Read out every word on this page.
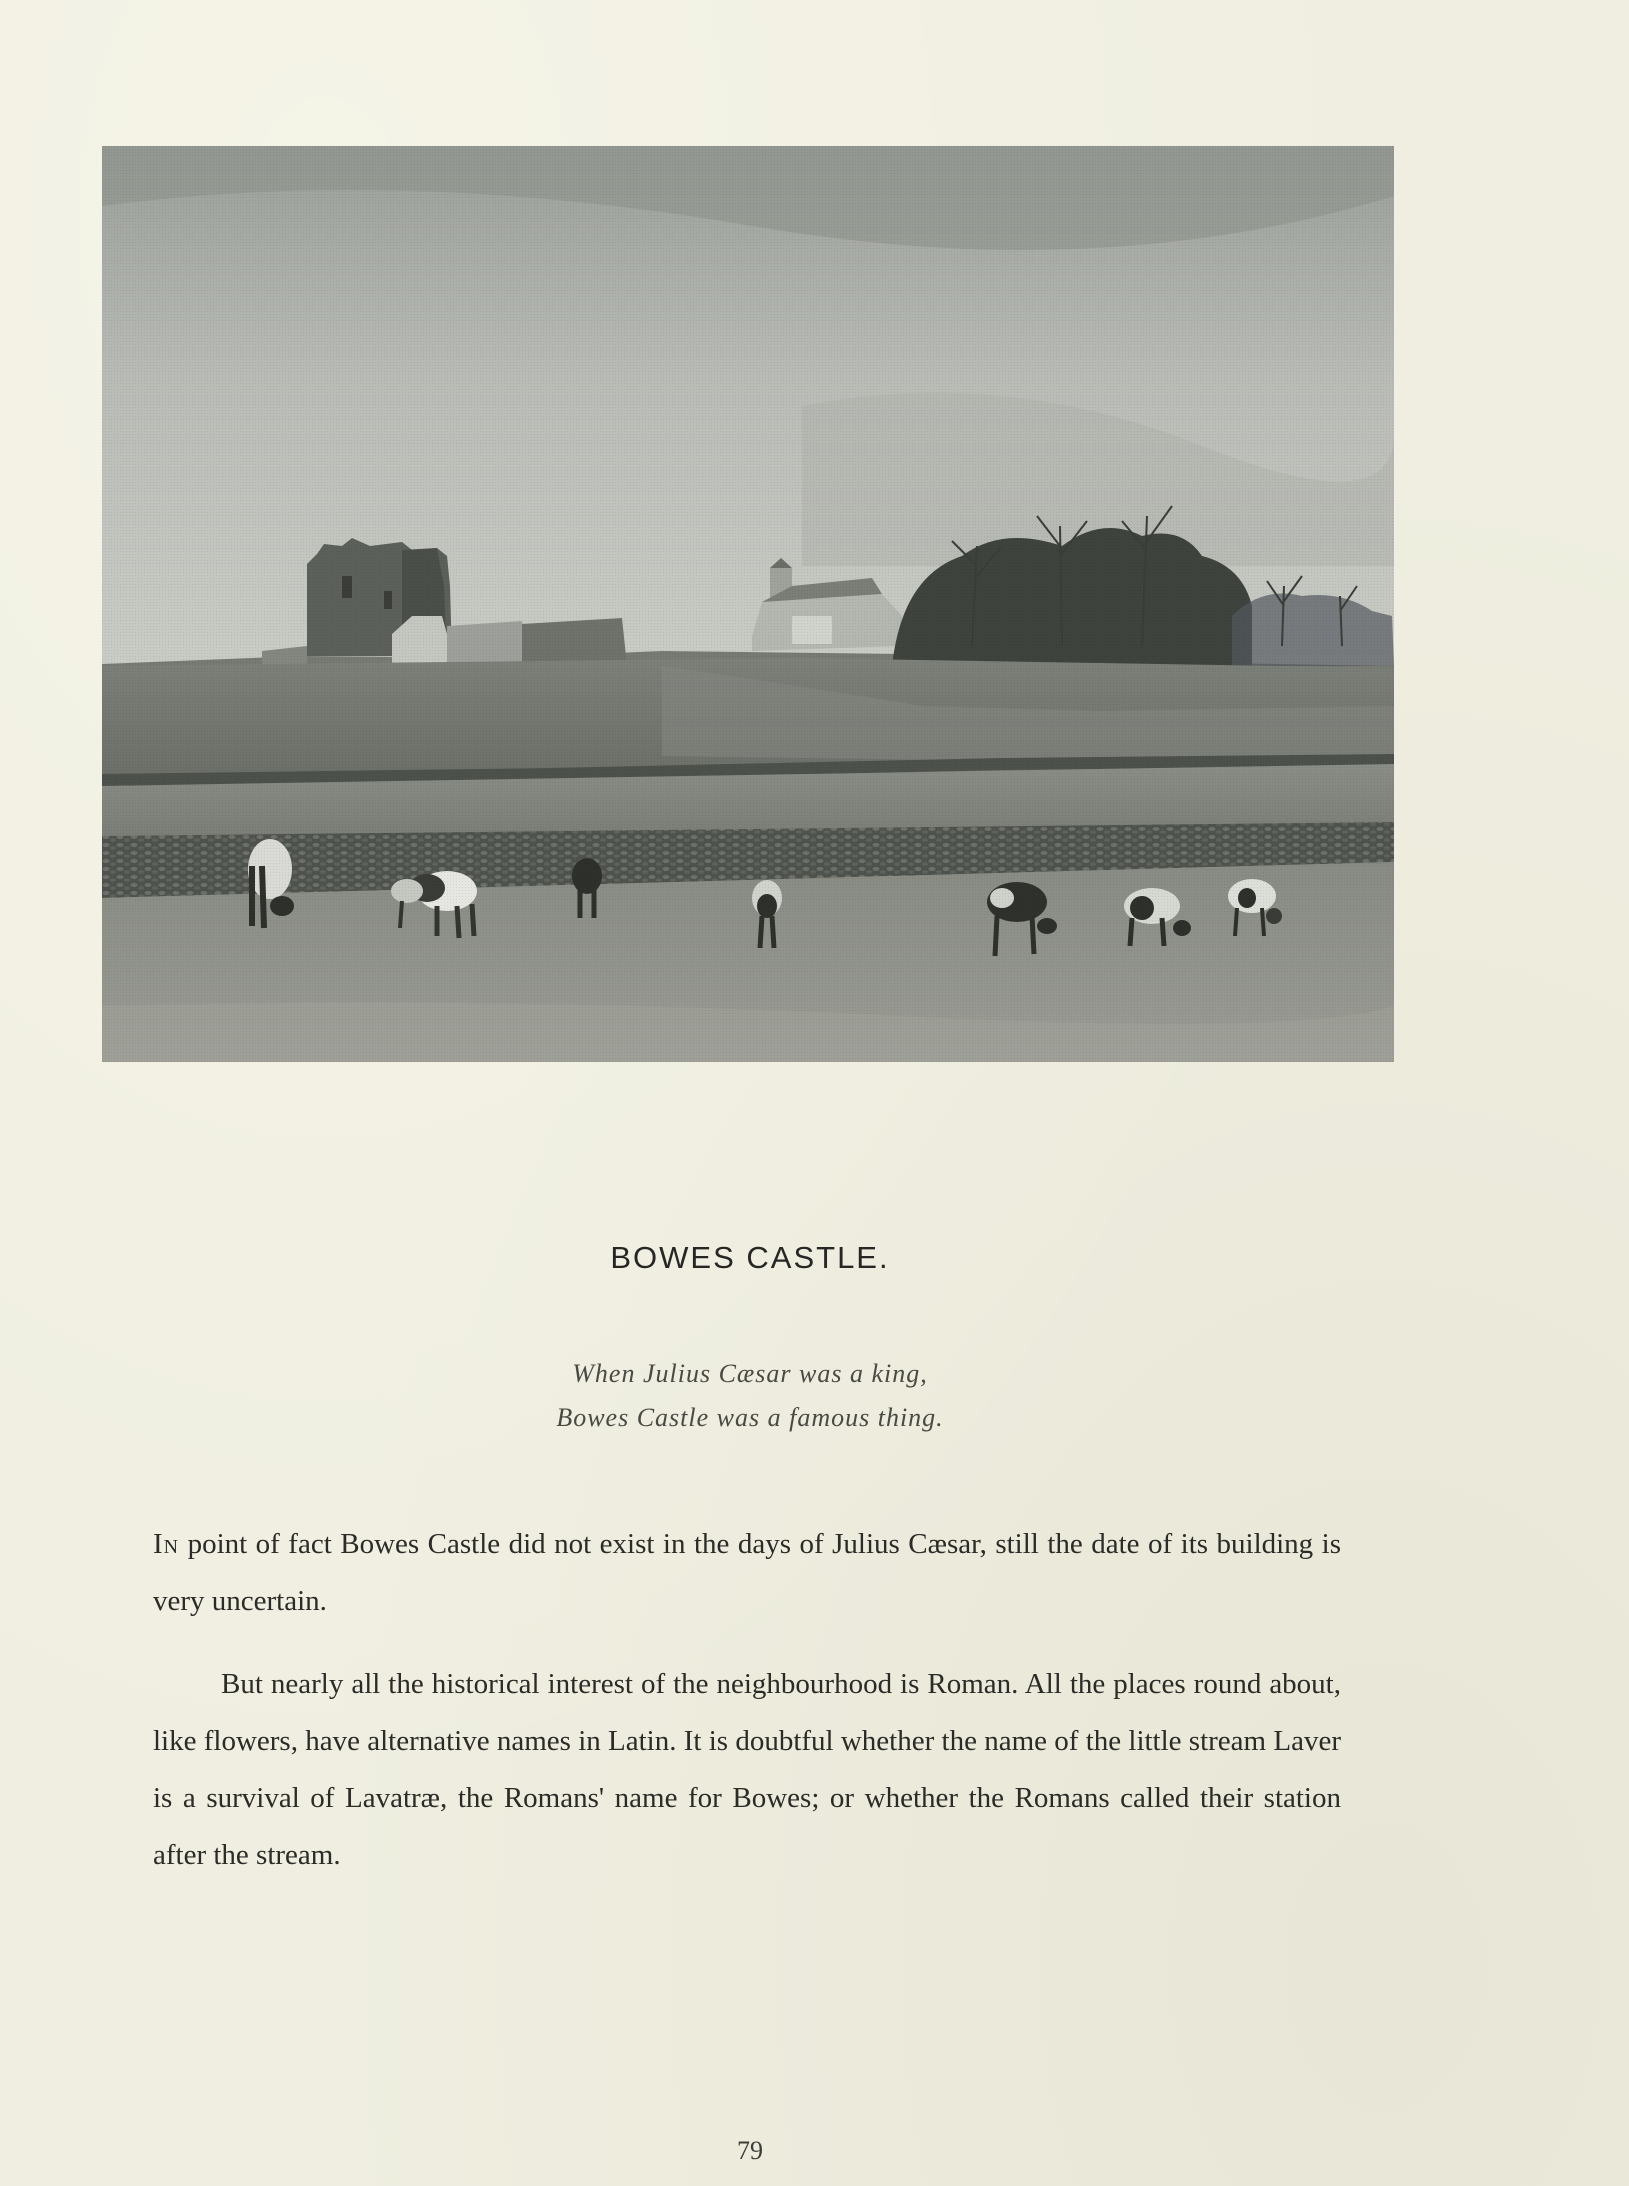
BOWES CASTLE.
When Julius Cæsar was a king,
Bowes Castle was a famous thing.

In point of fact Bowes Castle did not exist in the days of Julius Cæsar, still the date of its building is very uncertain.

But nearly all the historical interest of the neighbourhood is Roman. All the places round about, like flowers, have alternative names in Latin. It is doubtful whether the name of the little stream Laver is a survival of Lavatræ, the Romans' name for Bowes; or whether the Romans called their station after the stream.

79
